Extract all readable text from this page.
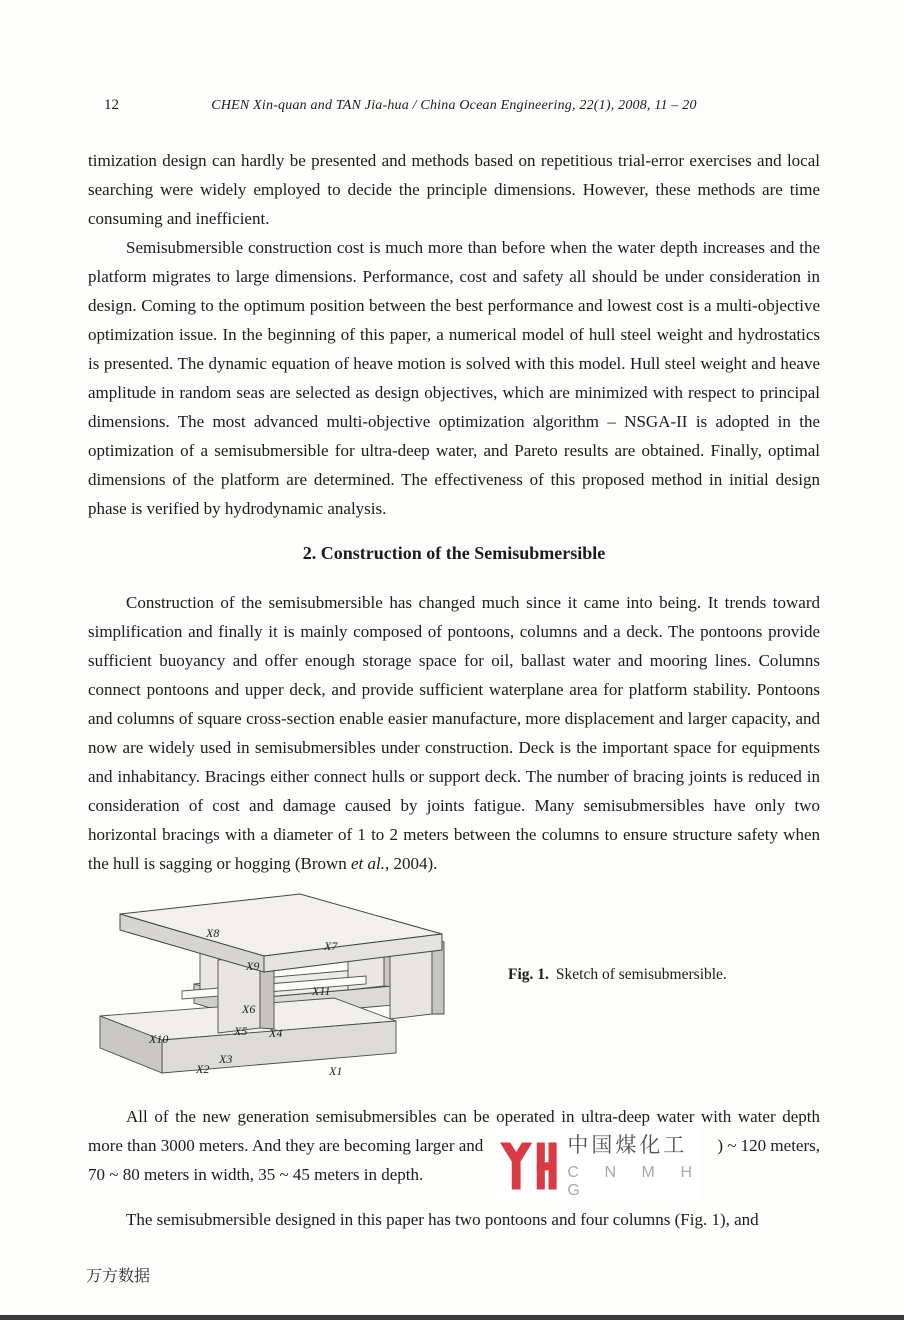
12	CHEN Xin-quan and TAN Jia-hua / China Ocean Engineering, 22(1), 2008, 11 – 20

timization design can hardly be presented and methods based on repetitious trial-error exercises and local searching were widely employed to decide the principle dimensions. However, these methods are time consuming and inefficient.

Semisubmersible construction cost is much more than before when the water depth increases and the platform migrates to large dimensions. Performance, cost and safety all should be under consideration in design. Coming to the optimum position between the best performance and lowest cost is a multi-objective optimization issue. In the beginning of this paper, a numerical model of hull steel weight and hydrostatics is presented. The dynamic equation of heave motion is solved with this model. Hull steel weight and heave amplitude in random seas are selected as design objectives, which are minimized with respect to principal dimensions. The most advanced multi-objective optimization algorithm – NSGA-II is adopted in the optimization of a semisubmersible for ultra-deep water, and Pareto results are obtained. Finally, optimal dimensions of the platform are determined. The effectiveness of this proposed method in initial design phase is verified by hydrodynamic analysis.

2. Construction of the Semisubmersible

Construction of the semisubmersible has changed much since it came into being. It trends toward simplification and finally it is mainly composed of pontoons, columns and a deck. The pontoons provide sufficient buoyancy and offer enough storage space for oil, ballast water and mooring lines. Columns connect pontoons and upper deck, and provide sufficient waterplane area for platform stability. Pontoons and columns of square cross-section enable easier manufacture, more displacement and larger capacity, and now are widely used in semisubmersibles under construction. Deck is the important space for equipments and inhabitancy. Bracings either connect hulls or support deck. The number of bracing joints is reduced in consideration of cost and damage caused by joints fatigue. Many semisubmersibles have only two horizontal bracings with a diameter of 1 to 2 meters between the columns to ensure structure safety when the hull is sagging or hogging (Brown et al., 2004).

X8
X7
X9
X11
X6
X5 X4
X10
X3
X2	X1
Fig. 1. Sketch of semisubmersible.
All of the new generation semisubmersibles can be operated in ultra-deep water with water depth
more than 3000 meters. And they are becoming larger and	) ~ 120 meters,
70 ~ 80 meters in width, 35 ~ 45 meters in depth.
中国煤化工
C N M H G

The semisubmersible designed in this paper has two pontoons and four columns (Fig. 1), and

万方数据
